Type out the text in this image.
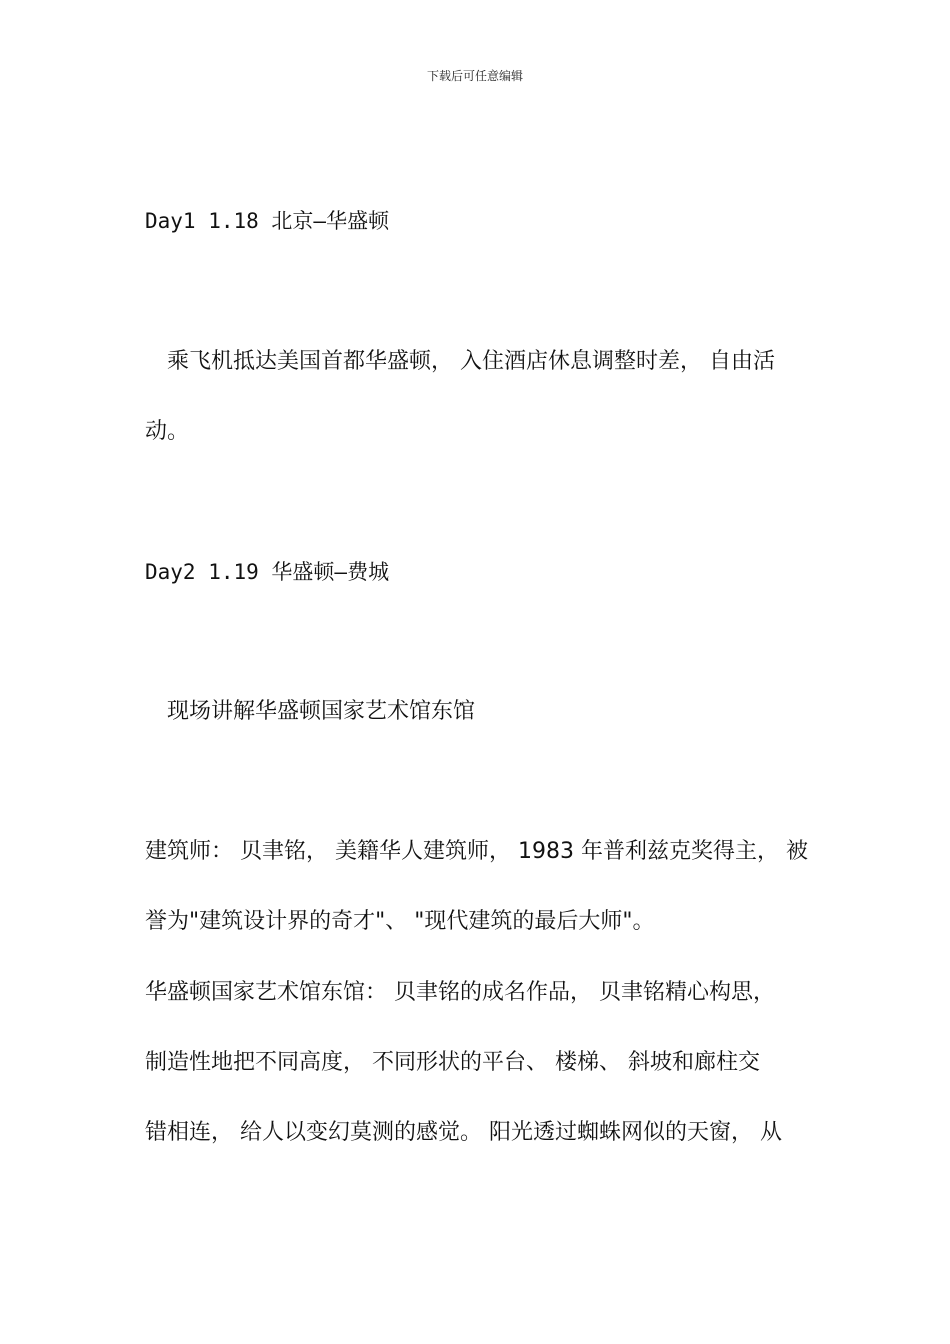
下载后可任意编辑
Day1 1.18 北京—华盛顿
乘飞机抵达美国首都华盛顿， 入住酒店休息调整时差， 自由活
动。
Day2 1.19 华盛顿—费城
现场讲解华盛顿国家艺术馆东馆
建筑师： 贝聿铭， 美籍华人建筑师， 1983 年普利兹克奖得主， 被
誉为"建筑设计界的奇才"、 "现代建筑的最后大师"。
华盛顿国家艺术馆东馆： 贝聿铭的成名作品， 贝聿铭精心构思，
制造性地把不同高度， 不同形状的平台、 楼梯、 斜坡和廊柱交
错相连， 给人以变幻莫测的感觉。 阳光透过蜘蛛网似的天窗， 从
